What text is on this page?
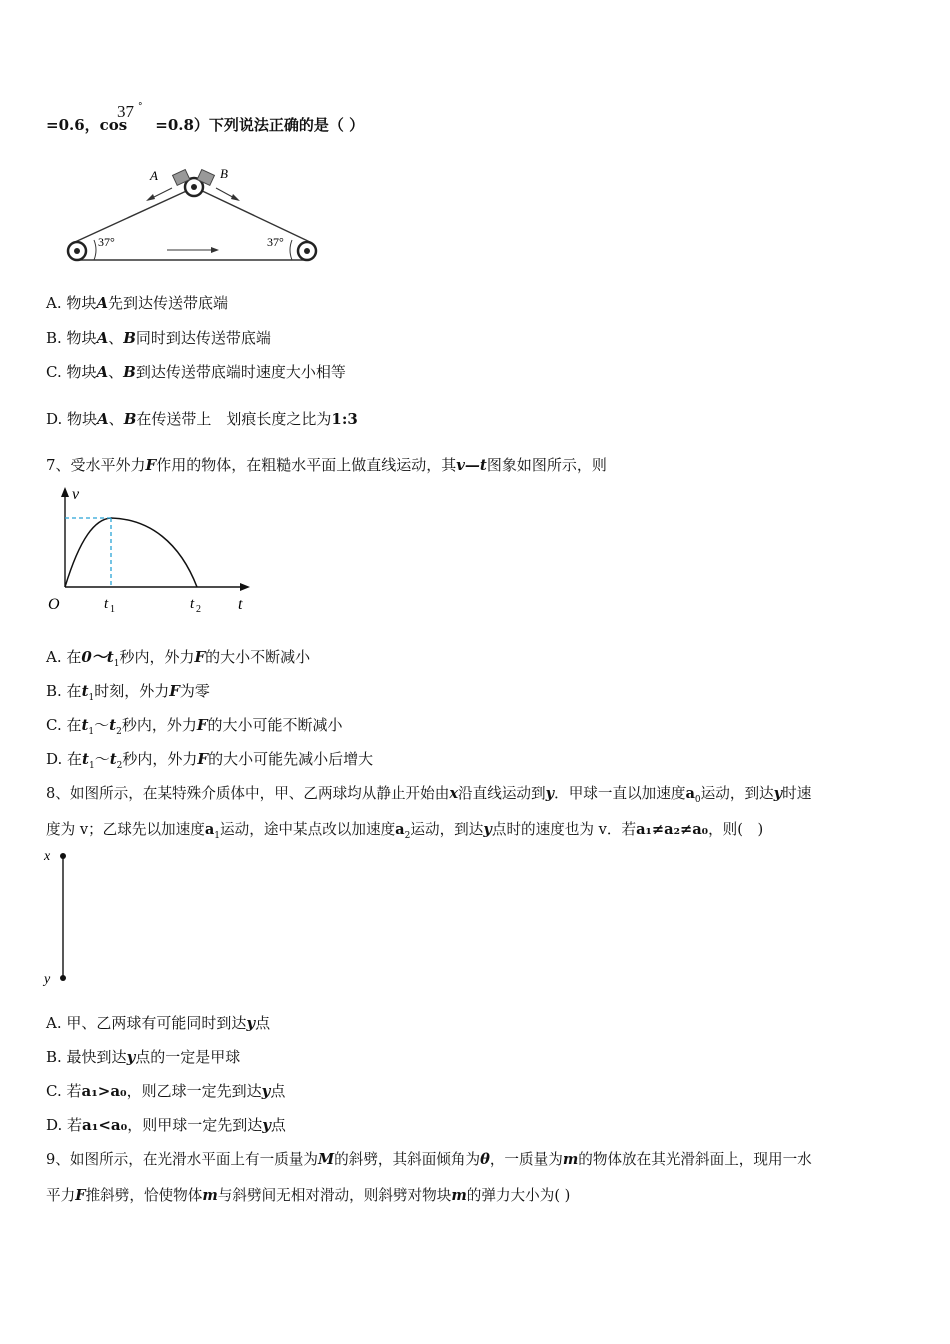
=0.6，cos =0.8）下列说法正确的是（ ）
37 °
A	B
37°	37°
A. 物块A先到达传送带底端
B. 物块A、B同时到达传送带底端
C. 物块A、B到达传送带底端时速度大小相等
D. 物块A、B在传送带上　划痕长度之比为1:3
7、受水平外力F作用的物体，在粗糙水平面上做直线运动，其v—t图象如图所示，则
v
t
O	t 1	t 2
A. 在$0\sim t_1$秒内，外力F的大小不断减小
B. 在$t_1$时刻，外力F为零
C. 在$t_1\sim t_2$秒内，外力F的大小可能不断减小
D. 在$t_1\sim t_2$秒内，外力F的大小可能先减小后增大
8、如图所示，在某特殊介质体中，甲、乙两球均从静止开始由x沿直线运动到y．甲球一直以加速度$a_0$运动，到达y时速
度为 v；乙球先以加速度$a_1$运动，途中某点改以加速度$a_2$运动，到达y点时的速度也为 v．若a₁≠a₂≠a₀，则(　)
x
y
A. 甲、乙两球有可能同时到达y点
B. 最快到达y点的一定是甲球
C. 若a₁>a₀，则乙球一定先到达y点
D. 若a₁<a₀，则甲球一定先到达y点
9、如图所示，在光滑水平面上有一质量为M的斜劈，其斜面倾角为θ，一质量为m的物体放在其光滑斜面上，现用一水
平力F推斜劈，恰使物体m与斜劈间无相对滑动，则斜劈对物块m的弹力大小为( )
